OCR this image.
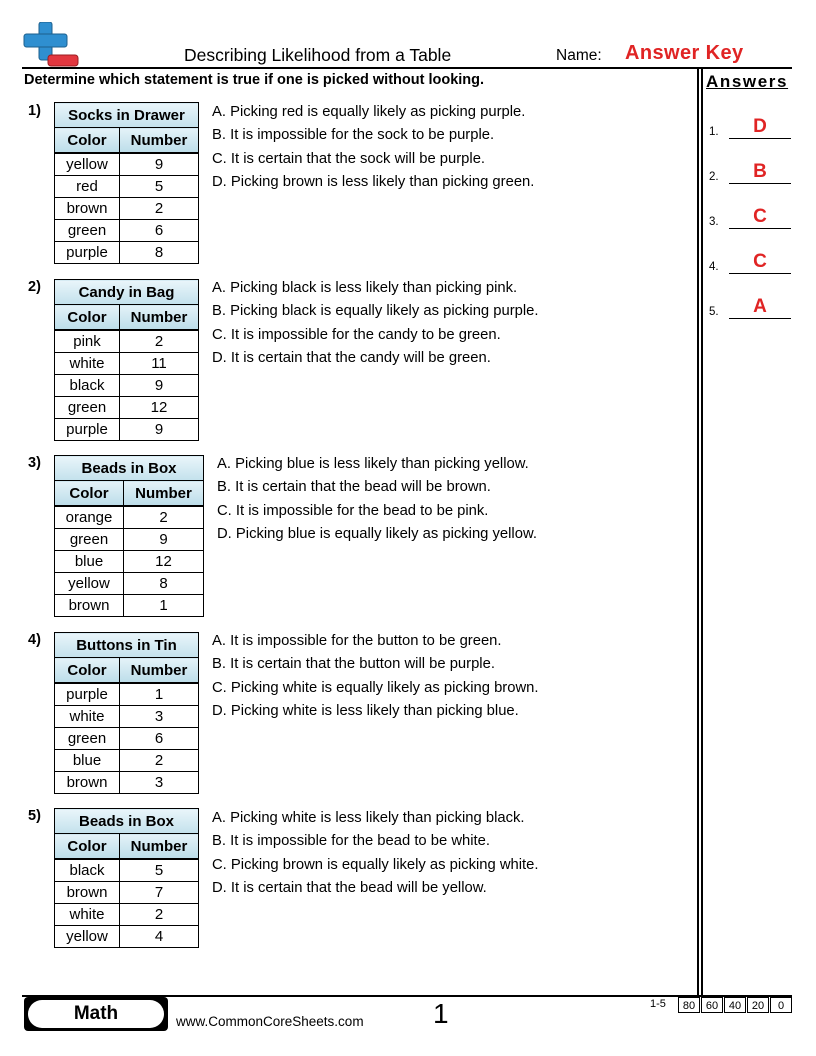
Describing Likelihood from a Table	Name: Answer Key
Determine which statement is true if one is picked without looking.	Answers
1.	D
2.	B
3.	C
4.	C
5.	A
1) Socks in Drawer	
Color	Number
yellow	9
red	5
brown	2
green	6
purple	8
A. Picking red is equally likely as picking purple.
B. It is impossible for the sock to be purple.
C. It is certain that the sock will be purple.
D. Picking brown is less likely than picking green.
2)	Candy in Bag	
Color	Number
pink	2
white	11
black	9
green	12
purple	9
A. Picking black is less likely than picking pink.
B. Picking black is equally likely as picking purple.
C. It is impossible for the candy to be green.
D. It is certain that the candy will be green.
3)	Beads in Box	
Color	Number
orange	2
green	9
blue	12
yellow	8
brown	1
A. Picking blue is less likely than picking yellow.
B. It is certain that the bead will be brown.
C. It is impossible for the bead to be pink.
D. Picking blue is equally likely as picking yellow.
4) Buttons in Tin	
Color	Number
purple	1
white	3
green	6
blue	2
brown	3
A. It is impossible for the button to be green.
B. It is certain that the button will be purple.
C. Picking white is equally likely as picking brown.
D. Picking white is less likely than picking blue.
5)	Beads in Box	
Color	Number
black	5
brown	7
white	2
yellow	4
A. Picking white is less likely than picking black.
B. It is impossible for the bead to be white.
C. Picking brown is equally likely as picking white.
D. It is certain that the bead will be yellow.
Math	www.CommonCoreSheets.com 1	1-5	80 60 40 20	0
